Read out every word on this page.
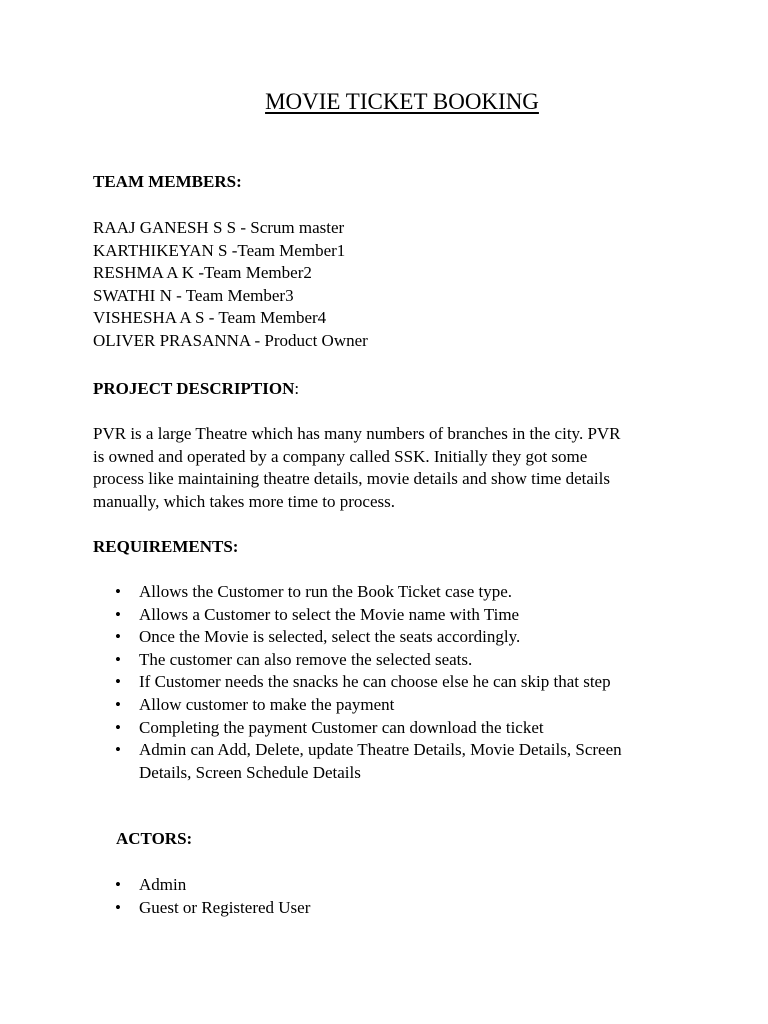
MOVIE TICKET BOOKING
TEAM MEMBERS:
RAAJ GANESH S S - Scrum master
KARTHIKEYAN S -Team Member1
RESHMA A K -Team Member2
SWATHI N - Team Member3
VISHESHA A S - Team Member4
OLIVER PRASANNA - Product Owner
PROJECT DESCRIPTION:
PVR is a large Theatre which has many numbers of branches in the city. PVR
is owned and operated by a company called SSK. Initially they got some
process like maintaining theatre details, movie details and show time details
manually, which takes more time to process.
REQUIREMENTS:
• Allows the Customer to run the Book Ticket case type.
• Allows a Customer to select the Movie name with Time
• Once the Movie is selected, select the seats accordingly.
• The customer can also remove the selected seats.
• If Customer needs the snacks he can choose else he can skip that step
• Allow customer to make the payment
• Completing the payment Customer can download the ticket
• Admin can Add, Delete, update Theatre Details, Movie Details, Screen
Details, Screen Schedule Details
ACTORS:
• Admin
• Guest or Registered User
